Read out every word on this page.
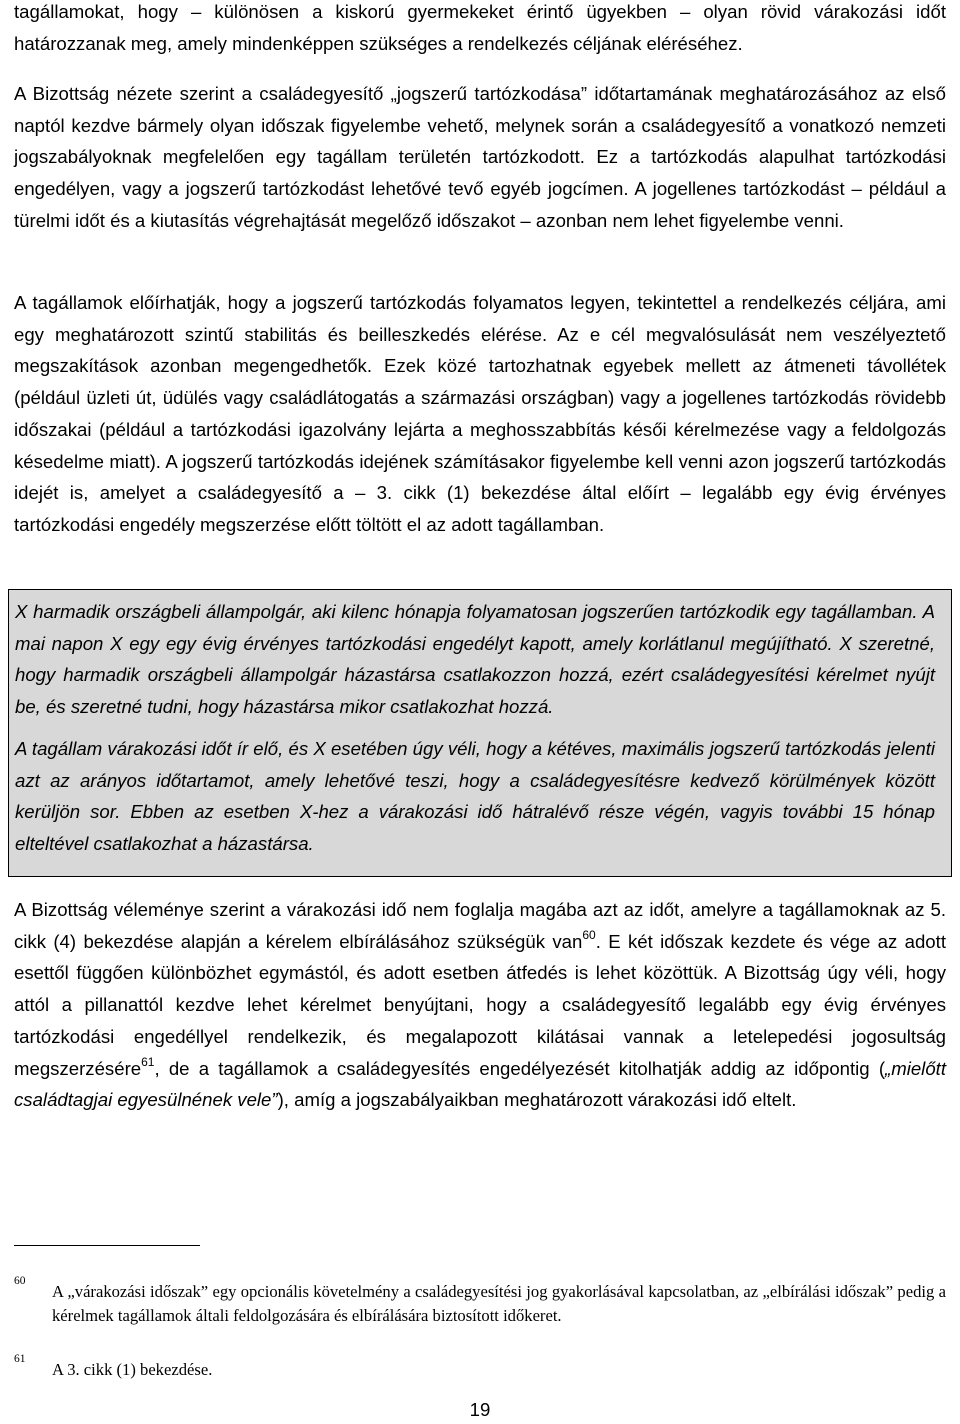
tagállamokat, hogy – különösen a kiskorú gyermekeket érintő ügyekben – olyan rövid várakozási időt határozzanak meg, amely mindenképpen szükséges a rendelkezés céljának eléréséhez.

A Bizottság nézete szerint a családegyesítő „jogszerű tartózkodása” időtartamának meghatározásához az első naptól kezdve bármely olyan időszak figyelembe vehető, melynek során a családegyesítő a vonatkozó nemzeti jogszabályoknak megfelelően egy tagállam területén tartózkodott. Ez a tartózkodás alapulhat tartózkodási engedélyen, vagy a jogszerű tartózkodást lehetővé tevő egyéb jogcímen. A jogellenes tartózkodást – például a türelmi időt és a kiutasítás végrehajtását megelőző időszakot – azonban nem lehet figyelembe venni.

A tagállamok előírhatják, hogy a jogszerű tartózkodás folyamatos legyen, tekintettel a rendelkezés céljára, ami egy meghatározott szintű stabilitás és beilleszkedés elérése. Az e cél megvalósulását nem veszélyeztető megszakítások azonban megengedhetők. Ezek közé tartozhatnak egyebek mellett az átmeneti távollétek (például üzleti út, üdülés vagy családlátogatás a származási országban) vagy a jogellenes tartózkodás rövidebb időszakai (például a tartózkodási igazolvány lejárta a meghosszabbítás késői kérelmezése vagy a feldolgozás késedelme miatt). A jogszerű tartózkodás idejének számításakor figyelembe kell venni azon jogszerű tartózkodás idejét is, amelyet a családegyesítő a – 3. cikk (1) bekezdése által előírt – legalább egy évig érvényes tartózkodási engedély megszerzése előtt töltött el az adott tagállamban.

X harmadik országbeli állampolgár, aki kilenc hónapja folyamatosan jogszerűen tartózkodik egy tagállamban. A mai napon X egy egy évig érvényes tartózkodási engedélyt kapott, amely korlátlanul megújítható. X szeretné, hogy harmadik országbeli állampolgár házastársa csatlakozzon hozzá, ezért családegyesítési kérelmet nyújt be, és szeretné tudni, hogy házastársa mikor csatlakozhat hozzá.

A tagállam várakozási időt ír elő, és X esetében úgy véli, hogy a kétéves, maximális jogszerű tartózkodás jelenti azt az arányos időtartamot, amely lehetővé teszi, hogy a családegyesítésre kedvező körülmények között kerüljön sor. Ebben az esetben X-hez a várakozási idő hátralévő része végén, vagyis további 15 hónap elteltével csatlakozhat a házastársa.

A Bizottság véleménye szerint a várakozási idő nem foglalja magába azt az időt, amelyre a tagállamoknak az 5. cikk (4) bekezdése alapján a kérelem elbírálásához szükségük van$^{60}$. E két időszak kezdete és vége az adott esettől függően különbözhet egymástól, és adott esetben átfedés is lehet közöttük. A Bizottság úgy véli, hogy attól a pillanattól kezdve lehet kérelmet benyújtani, hogy a családegyesítő legalább egy évig érvényes tartózkodási engedéllyel rendelkezik, és megalapozott kilátásai vannak a letelepedési jogosultság megszerzésére$^{61}$, de a tagállamok a családegyesítés engedélyezését kitolhatják addig az időpontig („mielőtt családtagjai egyesülnének vele”), amíg a jogszabályaikban meghatározott várakozási idő eltelt.

60
A „várakozási időszak” egy opcionális követelmény a családegyesítési jog gyakorlásával kapcsolatban, az „elbírálási időszak” pedig a kérelmek tagállamok általi feldolgozására és elbírálására biztosított időkeret.
61
A 3. cikk (1) bekezdése.
19
